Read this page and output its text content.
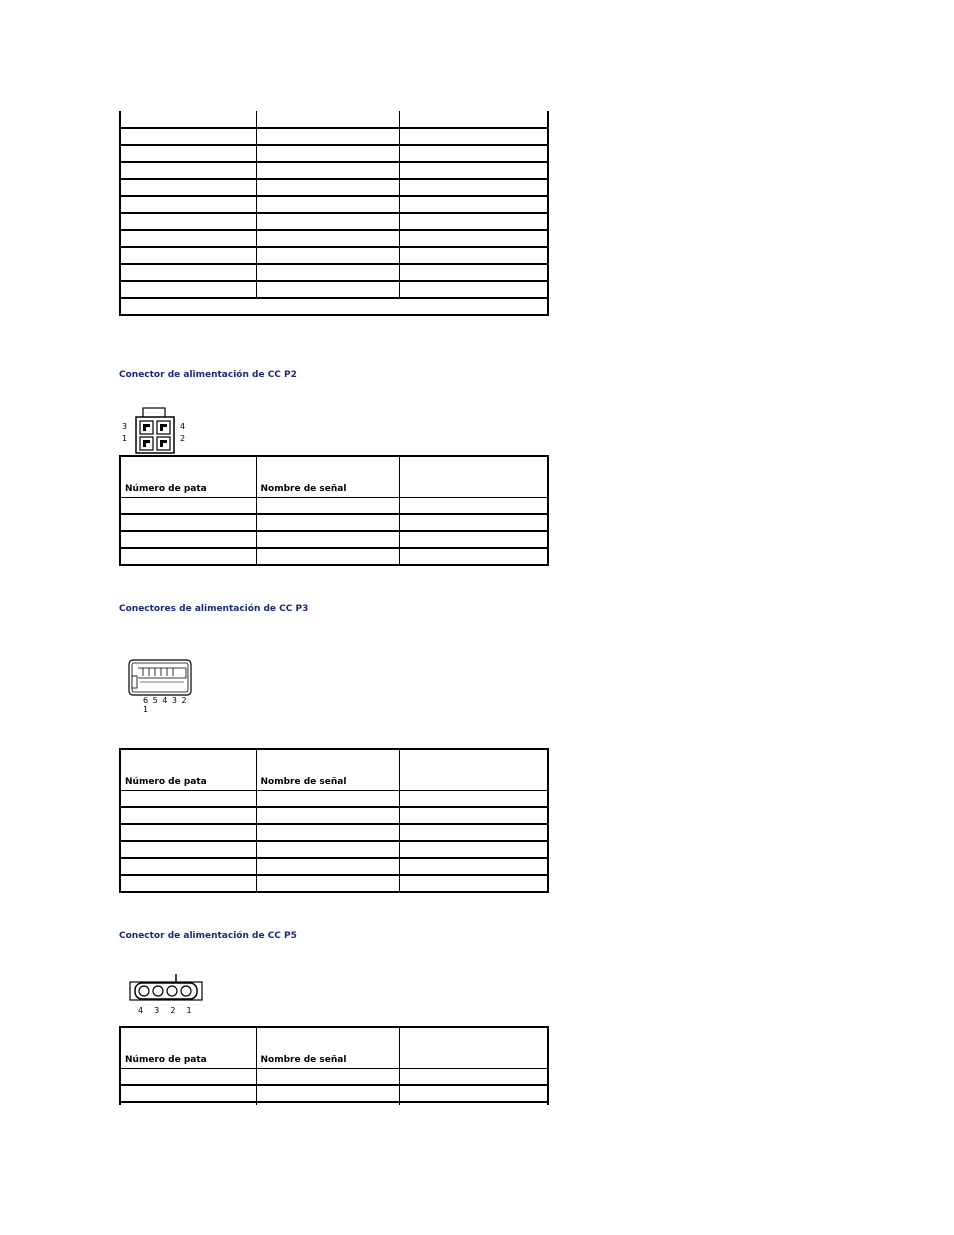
Conector de alimentación de CC P2
3
1
4
2
Número de pata	Nombre de señal	

Conectores de alimentación de CC P3
6 5 4 3 2 1
Número de pata	Nombre de señal	

Conector de alimentación de CC P5
4  3  2  1
Número de pata	Nombre de señal	
